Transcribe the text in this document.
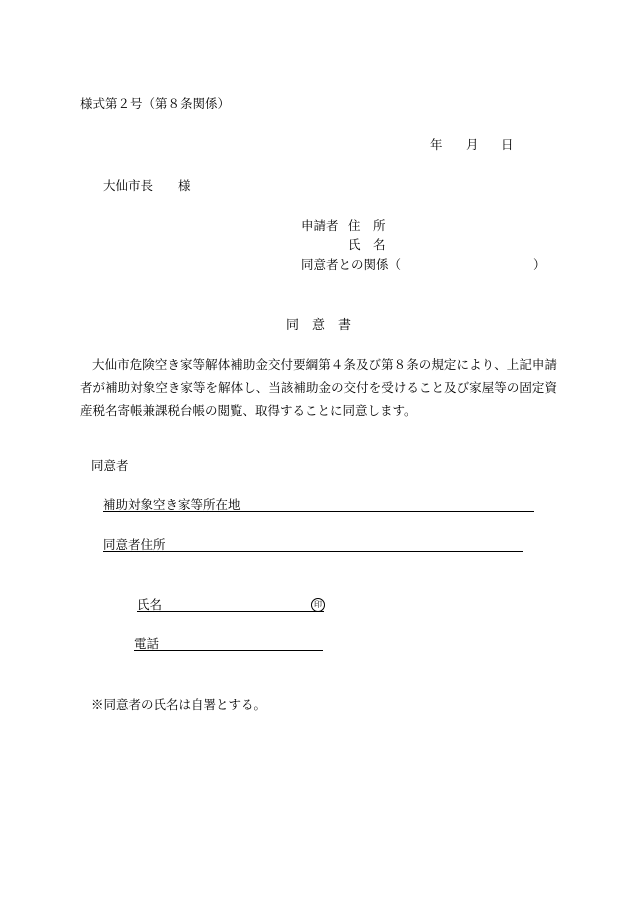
様式第２号（第８条関係）
年 月 日
大仙市長　　様
申請者 住　所
氏　名
同意者との関係（	）
同　意　書
大仙市危険空き家等解体補助金交付要綱第４条及び第８条の規定により、上記申請者が補助対象空き家等を解体し、当該補助金の交付を受けること及び家屋等の固定資産税名寄帳兼課税台帳の閲覧、取得することに同意します。
同意者
補助対象空き家等所在地
同意者住所
氏名	印
電話
※同意者の氏名は自署とする。
